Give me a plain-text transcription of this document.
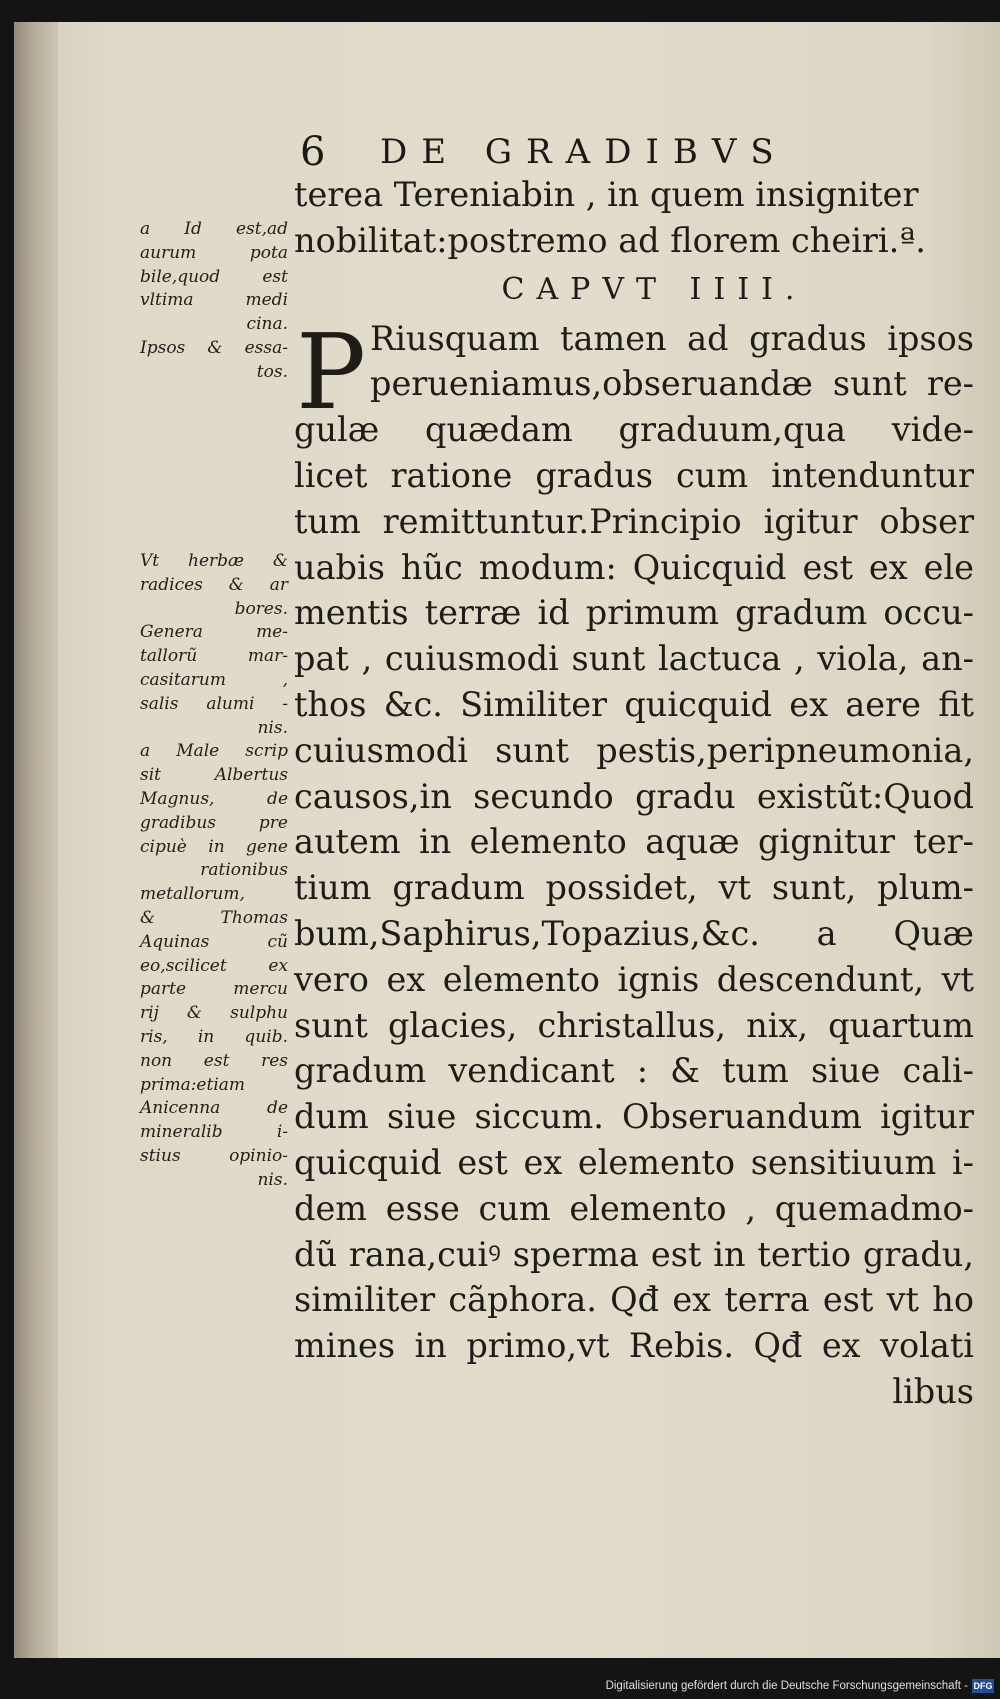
6 DE GRADIBVS
terea Tereniabin , in quem insigniter
nobilitat:postremo ad florem cheiri.ª.
CAPVT IIII.
P Riusquam tamen ad gradus ipsos
perueniamus,obseruandæ sunt re-
gulæ quædam graduum,qua vide-
licet ratione gradus cum intenduntur
tum remittuntur.Principio igitur obser
uabis hũc modum: Quicquid est ex ele
mentis terræ id primum gradum occu-
pat , cuiusmodi sunt lactuca , viola, an-
thos &c. Similiter quicquid ex aere fit
cuiusmodi sunt pestis,peripneumonia,
causos,in secundo gradu existũt:Quod
autem in elemento aquæ gignitur ter-
tium gradum possidet, vt sunt, plum-
bum,Saphirus,Topazius,&c. a Quæ
vero ex elemento ignis descendunt, vt
sunt glacies, christallus, nix, quartum
gradum vendicant : & tum siue cali-
dum siue siccum. Obseruandum igitur
quicquid est ex elemento sensitiuum i-
dem esse cum elemento , quemadmo-
dũ rana,cuiꝰ sperma est in tertio gradu,
similiter cãphora. Qđ ex terra est vt ho
mines in primo,vt Rebis. Qđ ex volati
libus
a Id est,ad
aurum pota
bile,quod est
vltima medi
cina.
Ipsos & essa-
tos.
Vt herbæ &
radices & ar
bores.
Genera me-
tallorũ mar-
casitarum ,
salis alumi -
nis.
a Male scrip
sit Albertus
Magnus, de
gradibus pre
cipuè in gene
rationibus
metallorum,
& Thomas
Aquinas cũ
eo,scilicet ex
parte mercu
rij & sulphu
ris, in quib.
non est res
prima:etiam
Anicenna de
mineralib i-
stius opinio-
nis.
Digitalisierung gefördert durch die Deutsche Forschungsgemeinschaft - DFG
